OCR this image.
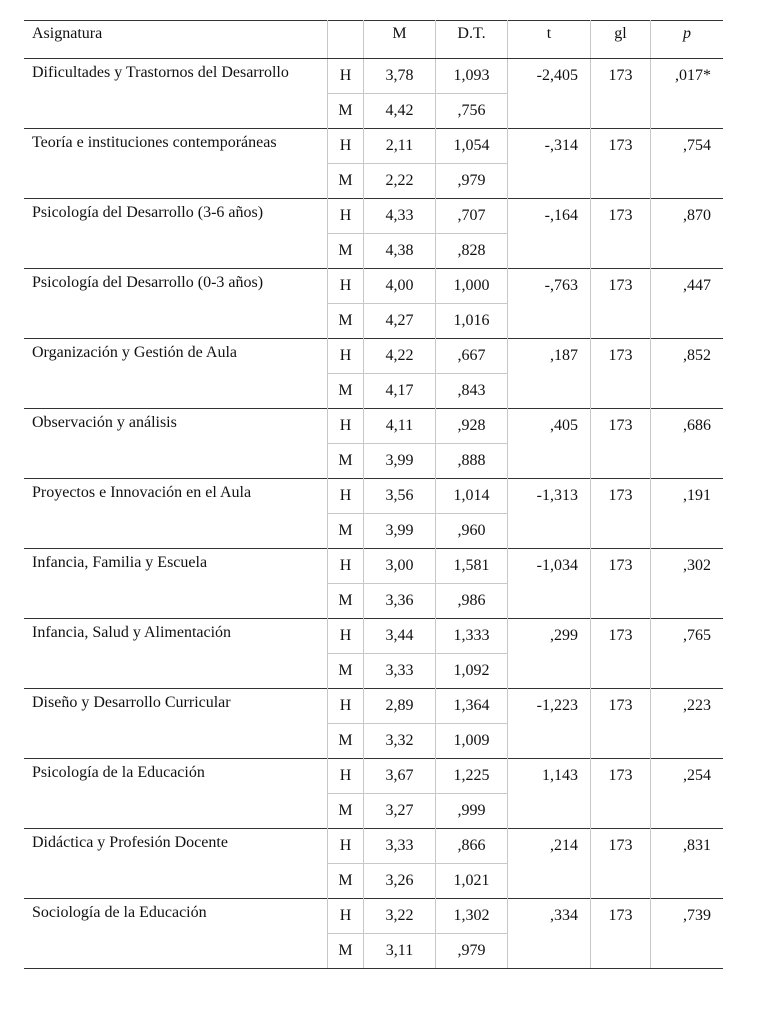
Asignatura		M	D.T.	t	gl	p
Dificultades y Trastornos del Desarrollo	H	3,78	1,093	-2,405	173	,017*
	M	4,42	,756			
Teoría e instituciones contemporáneas	H	2,11	1,054	-,314	173	,754
	M	2,22	,979			
Psicología del Desarrollo (3-6 años)	H	4,33	,707	-,164	173	,870
	M	4,38	,828			
Psicología del Desarrollo (0-3 años)	H	4,00	1,000	-,763	173	,447
	M	4,27	1,016			
Organización y Gestión de Aula	H	4,22	,667	,187	173	,852
	M	4,17	,843			
Observación y análisis	H	4,11	,928	,405	173	,686
	M	3,99	,888			
Proyectos e Innovación en el Aula	H	3,56	1,014	-1,313	173	,191
	M	3,99	,960			
Infancia, Familia y Escuela	H	3,00	1,581	-1,034	173	,302
	M	3,36	,986			
Infancia, Salud y Alimentación	H	3,44	1,333	,299	173	,765
	M	3,33	1,092			
Diseño y Desarrollo Curricular	H	2,89	1,364	-1,223	173	,223
	M	3,32	1,009			
Psicología de la Educación	H	3,67	1,225	1,143	173	,254
	M	3,27	,999			
Didáctica y Profesión Docente	H	3,33	,866	,214	173	,831
	M	3,26	1,021			
Sociología de la Educación	H	3,22	1,302	,334	173	,739
	M	3,11	,979			
